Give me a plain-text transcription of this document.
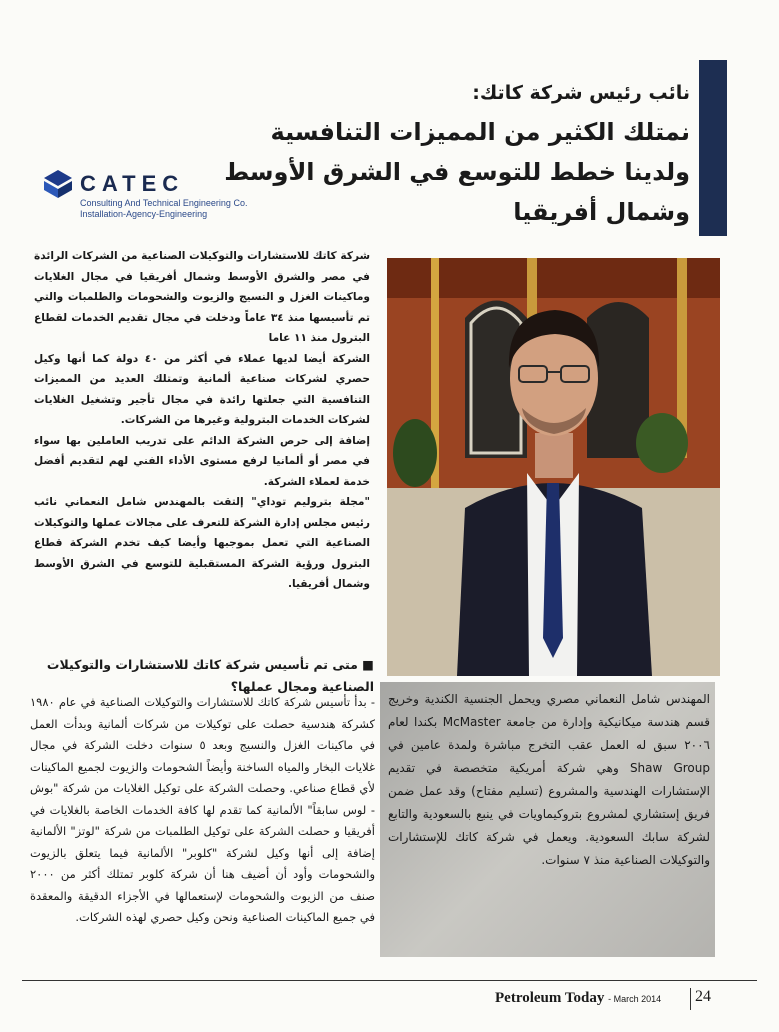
نائب رئيس شركة كاتك:
نمتلك الكثير من المميزات التنافسية ولدينا خطط للتوسع في الشرق الأوسط وشمال أفريقيا
CATEC
Consulting And Technical Engineering Co.
Installation-Agency-Engineering

شركة كاتك للاستشارات والتوكيلات الصناعية من الشركات الرائدة في مصر والشرق الأوسط وشمال أفريقيا في مجال الغلايات وماكينات الغزل و النسيج والزيوت والشحومات والطلمبات والتي تم تأسيسها منذ ٣٤ عاماً ودخلت في مجال تقديم الخدمات لقطاع البترول منذ ١١ عاما

الشركة أيضا لديها عملاء في أكثر من ٤٠ دولة كما أنها وكيل حصري لشركات صناعية ألمانية وتمتلك العديد من المميزات التنافسية التي جعلتها رائدة في مجال تأجير وتشغيل الغلايات لشركات الخدمات البترولية وغيرها من الشركات.

إضافة إلى حرص الشركة الدائم على تدريب العاملين بها سواء في مصر أو ألمانيا لرفع مستوى الأداء الفني لهم لتقديم أفضل خدمة لعملاء الشركة.

"مجلة بتروليم توداي" إلتقت بالمهندس شامل النعماني نائب رئيس مجلس إدارة الشركة للتعرف على مجالات عملها والتوكيلات الصناعية التي تعمل بموجبها وأيضا كيف تخدم الشركة قطاع البترول ورؤية الشركة المستقبلية للتوسع في الشرق الأوسط وشمال أفريقيا.

■ متى تم تأسيس شركة كاتك للاستشارات والتوكيلات الصناعية ومجال عملها؟
- بدأ تأسيس شركة كاتك للاستشارات والتوكيلات الصناعية في عام ١٩٨٠ كشركة هندسية حصلت على توكيلات من شركات ألمانية وبدأت العمل في ماكينات الغزل والنسيج وبعد ٥ سنوات دخلت الشركة في مجال غلايات البخار والمياه الساخنة وأيضاً الشحومات والزيوت لجميع الماكينات لأي قطاع صناعي. وحصلت الشركة على توكيل الغلايات من شركة "بوش - لوس سابقاً" الألمانية كما تقدم لها كافة الخدمات الخاصة بالغلايات في أفريقيا و حصلت الشركة على توكيل الطلمبات من شركة "لوتز" الألمانية إضافة إلى أنها وكيل لشركة "كلوبر" الألمانية فيما يتعلق بالزيوت والشحومات وأود أن أضيف هنا أن شركة كلوبر تمتلك أكثر من ٢٠٠٠ صنف من الزيوت والشحومات لإستعمالها في الأجزاء الدقيقة والمعقدة في جميع الماكينات الصناعية ونحن وكيل حصري لهذه الشركات.
المهندس شامل النعماني مصري ويحمل الجنسية الكندية وخريج قسم هندسة ميكانيكية وإدارة من جامعة McMaster بكندا لعام ٢٠٠٦ سبق له العمل عقب التخرج مباشرة ولمدة عامين في Shaw Group وهي شركة أمريكية متخصصة في تقديم الإستشارات الهندسية والمشروع (تسليم مفتاح) وقد عمل ضمن فريق إستشاري لمشروع بتروكيماويات في ينبع بالسعودية والتابع لشركة سابك السعودية. ويعمل في شركة كاتك للإستشارات والتوكيلات الصناعية منذ ٧ سنوات.
Petroleum Today - March 2014 24
